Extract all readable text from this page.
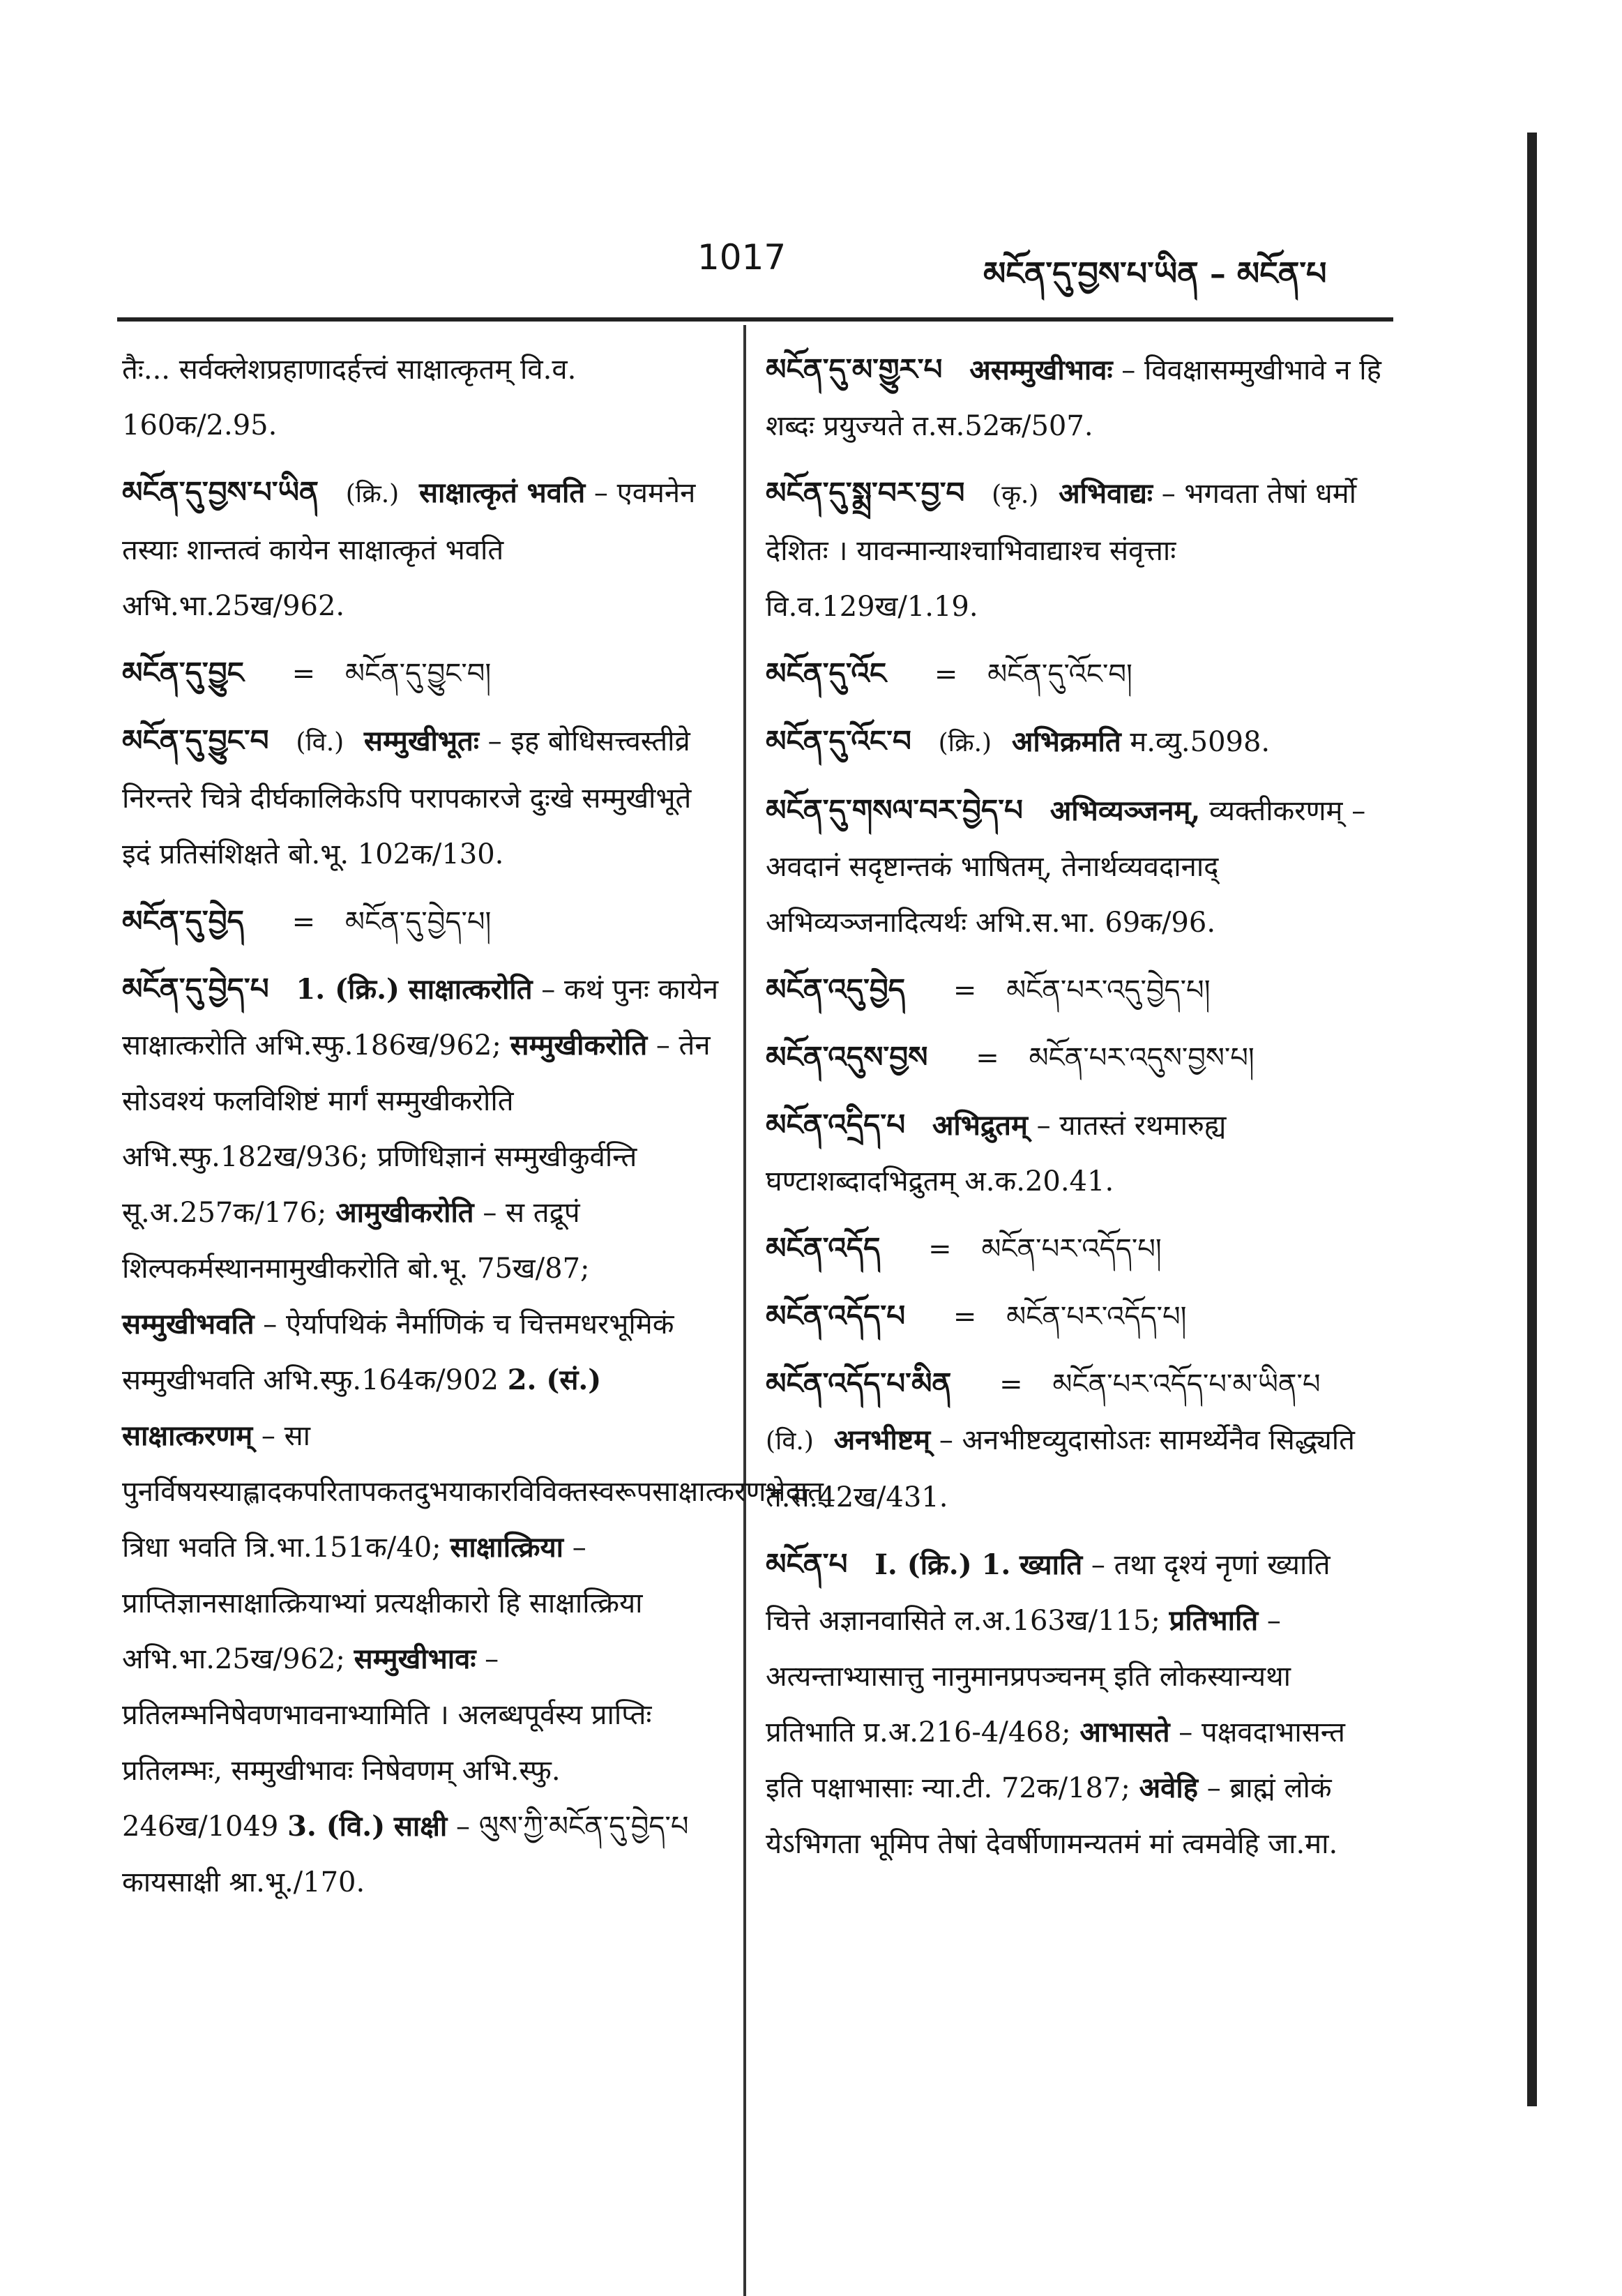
1017	མངོན་དུ་བྱས་པ་ཡིན – མངོན་པ
तैः... सर्वक्लेशप्रहाणादर्हत्त्वं साक्षात्कृतम् वि.व. 160क/2.95.
མངོན་དུ་བྱས་པ་ཡིན (क्रि.) साक्षात्कृतं भवति – एवमनेन तस्याः शान्तत्वं कायेन साक्षात्कृतं भवति अभि.भा.25ख/962.
མངོན་དུ་བྱུང = མངོན་དུ་བྱུང་བ།
མངོན་དུ་བྱུང་བ (वि.) सम्मुखीभूतः – इह बोधिसत्त्वस्तीव्रे निरन्तरे चित्रे दीर्घकालिकेऽपि परापकारजे दुःखे सम्मुखीभूते इदं प्रतिसंशिक्षते बो.भू. 102क/130.
མངོན་དུ་བྱེད = མངོན་དུ་བྱེད་པ།
མངོན་དུ་བྱེད་པ 1. (क्रि.) साक्षात्करोति – कथं पुनः कायेन साक्षात्करोति अभि.स्फु.186ख/962; सम्मुखीकरोति – तेन सोऽवश्यं फलविशिष्टं मार्गं सम्मुखीकरोति अभि.स्फु.182ख/936; प्रणिधिज्ञानं सम्मुखीकुर्वन्ति सू.अ.257क/176; आमुखीकरोति – स तद्रूपं शिल्पकर्मस्थानमामुखीकरोति बो.भू. 75ख/87; सम्मुखीभवति – ऐर्यापथिकं नैर्माणिकं च चित्तमधरभूमिकं सम्मुखीभवति अभि.स्फु.164क/902 2. (सं.) साक्षात्करणम् – सा पुनर्विषयस्याह्लादकपरितापकतदुभयाकारविविक्तस्वरूपसाक्षात्करणभेदात् त्रिधा भवति त्रि.भा.151क/40; साक्षात्क्रिया – प्राप्तिज्ञानसाक्षात्क्रियाभ्यां प्रत्यक्षीकारो हि साक्षात्क्रिया अभि.भा.25ख/962; सम्मुखीभावः – प्रतिलम्भनिषेवणभावनाभ्यामिति । अलब्धपूर्वस्य प्राप्तिः प्रतिलम्भः, सम्मुखीभावः निषेवणम् अभि.स्फु. 246ख/1049 3. (वि.) साक्षी – ལུས་ཀྱི་མངོན་དུ་བྱེད་པ कायसाक्षी श्रा.भू./170.
མངོན་དུ་མ་གྱུར་པ असम्मुखीभावः – विवक्षासम्मुखीभावे न हि शब्दः प्रयुज्यते त.स.52क/507.
མངོན་དུ་སྨྲ་བར་བྱ་བ (कृ.) अभिवाद्यः – भगवता तेषां धर्मो देशितः । यावन्मान्याश्चाभिवाद्याश्च संवृत्ताः वि.व.129ख/1.19.
མངོན་དུ་འོང = མངོན་དུ་འོང་བ།
མངོན་དུ་འོང་བ (क्रि.) अभिक्रमति म.व्यु.5098.
མངོན་དུ་གསལ་བར་བྱེད་པ अभिव्यञ्जनम्, व्यक्तीकरणम् – अवदानं सदृष्टान्तकं भाषितम्, तेनार्थव्यवदानाद् अभिव्यञ्जनादित्यर्थः अभि.स.भा. 69क/96.
མངོན་འདུ་བྱེད = མངོན་པར་འདུ་བྱེད་པ།
མངོན་འདུས་བྱས = མངོན་པར་འདུས་བྱས་པ།
མངོན་འདྲིད་པ अभिद्रुतम् – यातस्तं रथमारुह्य घण्टाशब्दादभिद्रुतम् अ.क.20.41.
མངོན་འདོད = མངོན་པར་འདོད་པ།
མངོན་འདོད་པ = མངོན་པར་འདོད་པ།
མངོན་འདོད་པ་མིན = མངོན་པར་འདོད་པ་མ་ཡིན་པ (वि.) अनभीष्टम् – अनभीष्टव्युदासोऽतः सामर्थ्येनैव सिद्ध्यति त.स.42ख/431.
མངོན་པ I. (क्रि.) 1. ख्याति – तथा दृश्यं नृणां ख्याति चित्ते अज्ञानवासिते ल.अ.163ख/115; प्रतिभाति – अत्यन्ताभ्यासात्तु नानुमानप्रपञ्चनम् इति लोकस्यान्यथा प्रतिभाति प्र.अ.216-4/468; आभासते – पक्षवदाभासन्त इति पक्षाभासाः न्या.टी. 72क/187; अवेहि – ब्राह्मं लोकं येऽभिगता भूमिप तेषां देवर्षीणामन्यतमं मां त्वमवेहि जा.मा.
